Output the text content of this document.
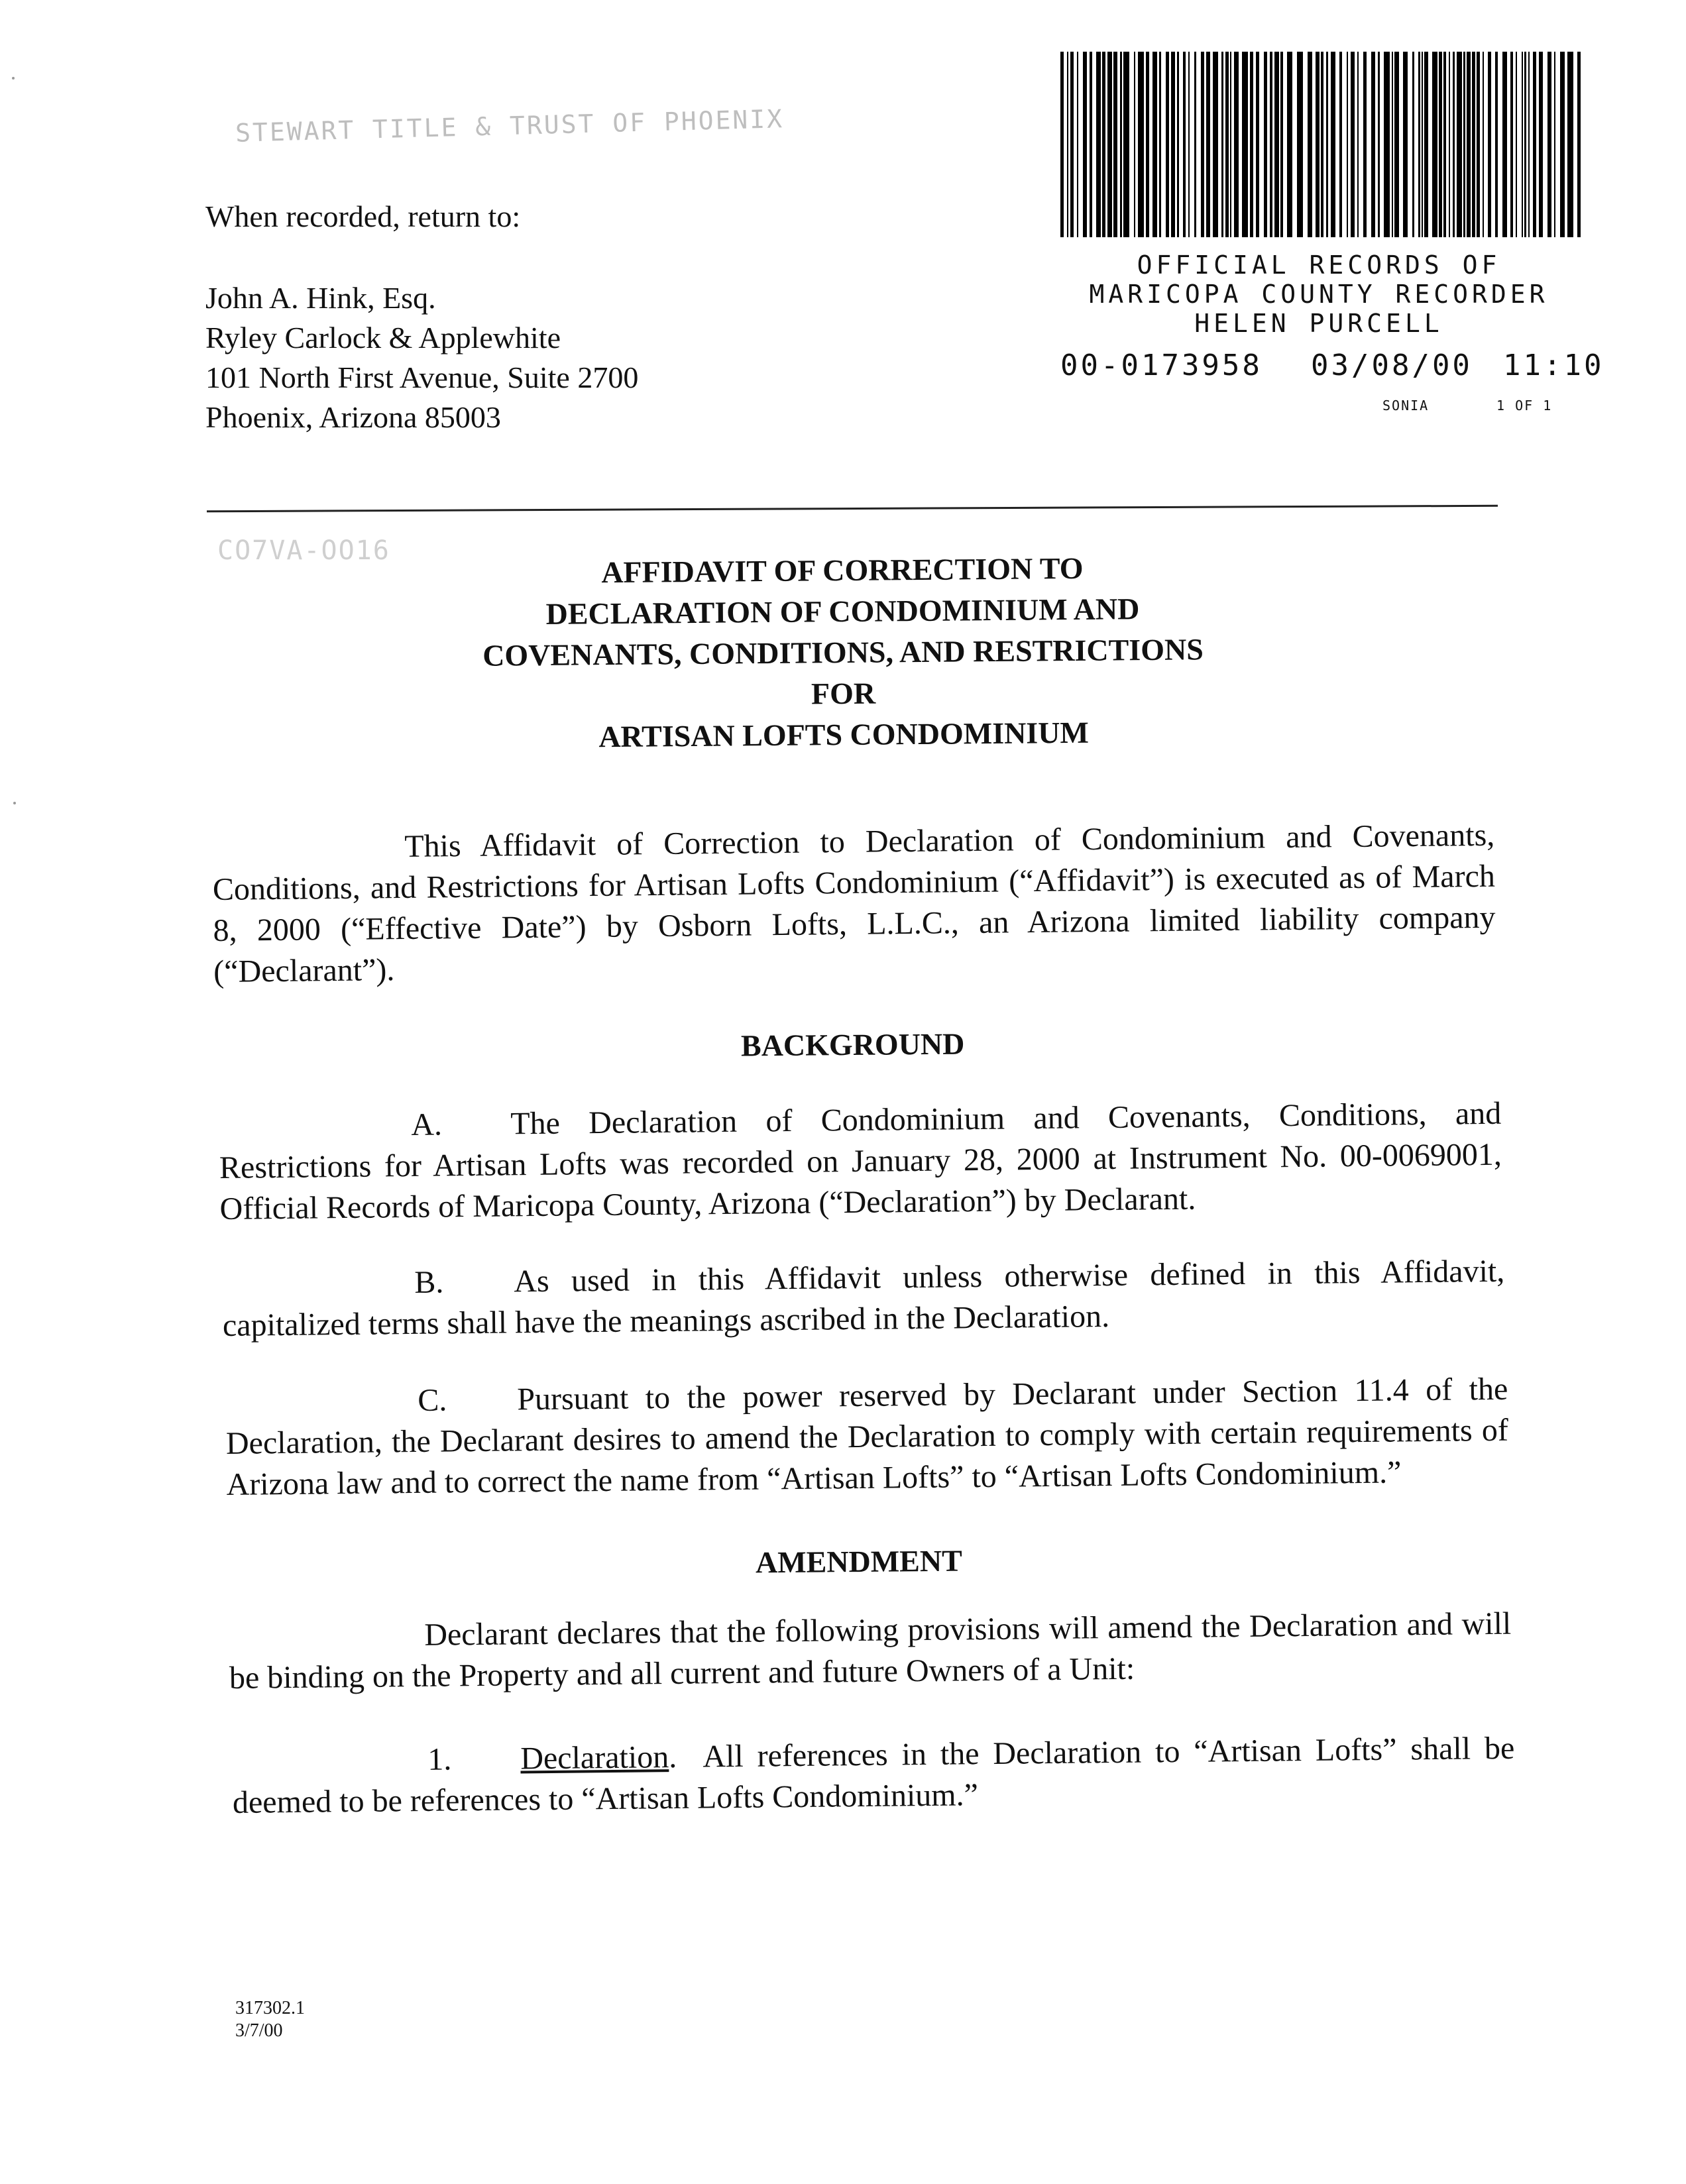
STEWART TITLE & TRUST OF PHOENIX
When recorded, return to:
John A. Hink, Esq.
Ryley Carlock & Applewhite
101 North First Avenue, Suite 2700
Phoenix, Arizona 85003
OFFICIAL RECORDS OF
MARICOPA COUNTY RECORDER
HELEN PURCELL
00-0173958 03/08/00 11:10
SONIA	1 OF 1
CO7VA-OO16
AFFIDAVIT OF CORRECTION TO
DECLARATION OF CONDOMINIUM AND
COVENANTS, CONDITIONS, AND RESTRICTIONS
FOR
ARTISAN LOFTS CONDOMINIUM
This Affidavit of Correction to Declaration of Condominium and Covenants, Conditions, and Restrictions for Artisan Lofts Condominium (“Affidavit”) is executed as of March 8, 2000 (“Effective Date”) by Osborn Lofts, L.L.C., an Arizona limited liability company (“Declarant”).
BACKGROUND
A. The Declaration of Condominium and Covenants, Conditions, and Restrictions for Artisan Lofts was recorded on January 28, 2000 at Instrument No. 00-0069001, Official Records of Maricopa County, Arizona (“Declaration”) by Declarant.
B. As used in this Affidavit unless otherwise defined in this Affidavit, capitalized terms shall have the meanings ascribed in the Declaration.
C. Pursuant to the power reserved by Declarant under Section 11.4 of the Declaration, the Declarant desires to amend the Declaration to comply with certain requirements of Arizona law and to correct the name from “Artisan Lofts” to “Artisan Lofts Condominium.”
AMENDMENT
Declarant declares that the following provisions will amend the Declaration and will be binding on the Property and all current and future Owners of a Unit:
1. Declaration.  All references in the Declaration to “Artisan Lofts” shall be deemed to be references to “Artisan Lofts Condominium.”
317302.1
3/7/00
